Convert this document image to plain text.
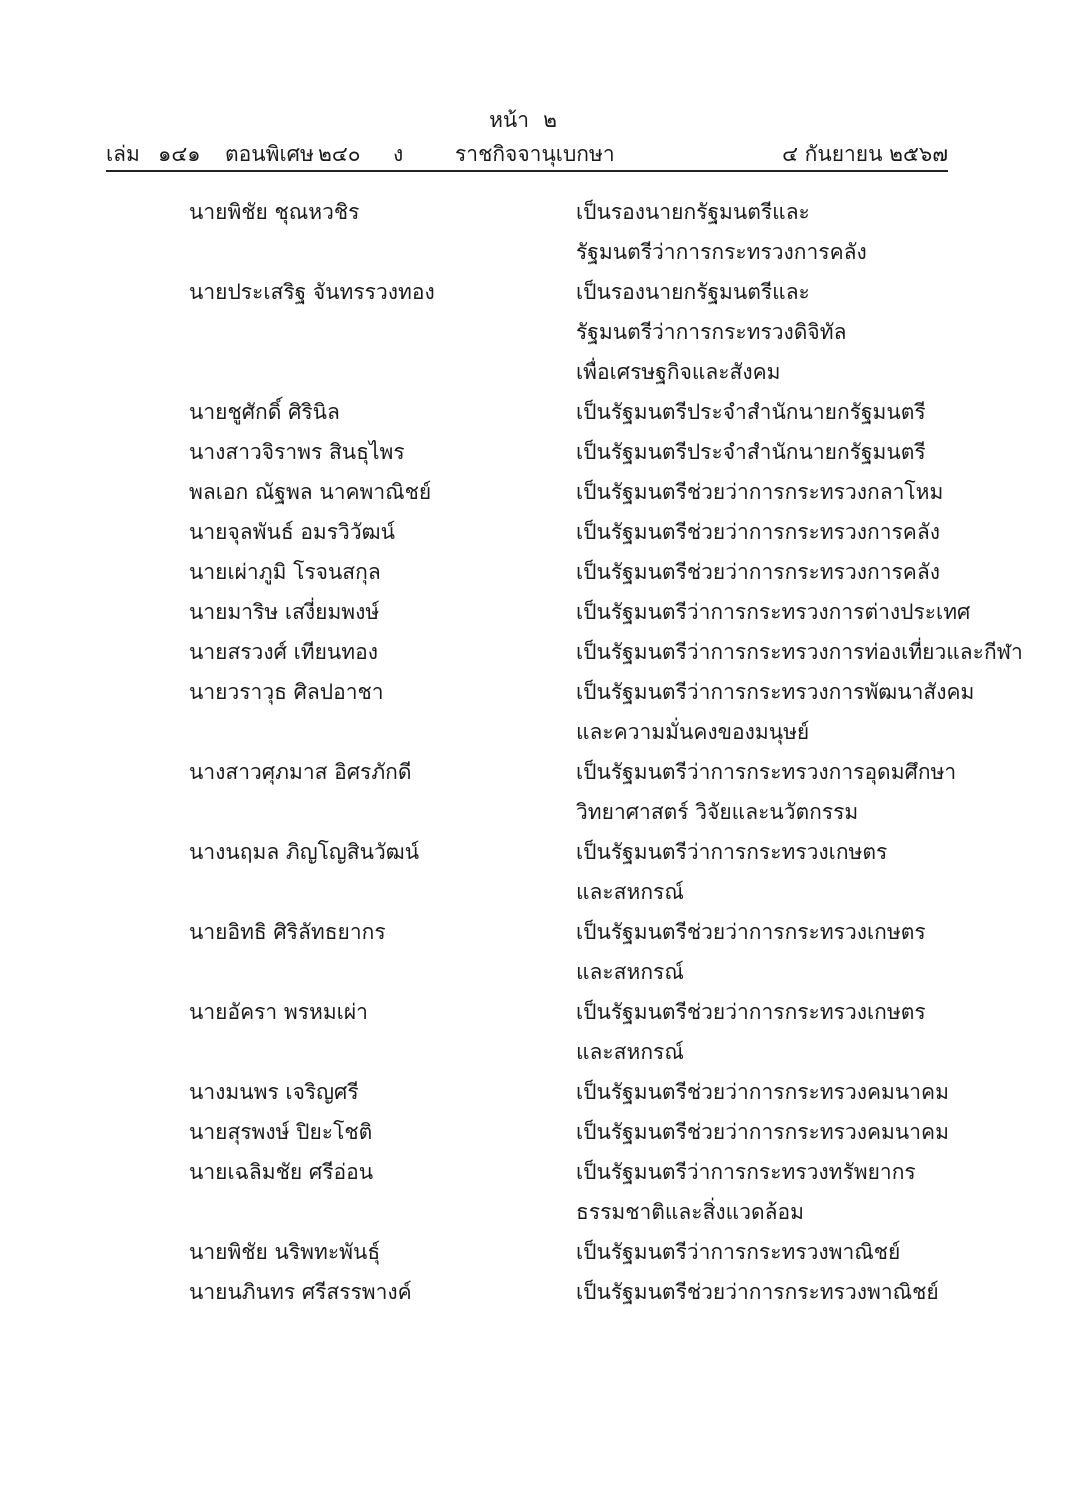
หน้า ๒
เล่ม ๑๔๑ ตอนพิเศษ ๒๔๐ ง ราชกิจจานุเบกษา	๔ กันยายน ๒๕๖๗
นายพิชัย ชุณหวชิร	เป็นรองนายกรัฐมนตรีและ
รัฐมนตรีว่าการกระทรวงการคลัง
นายประเสริฐ จันทรรวงทอง	เป็นรองนายกรัฐมนตรีและ
รัฐมนตรีว่าการกระทรวงดิจิทัล
เพื่อเศรษฐกิจและสังคม
นายชูศักดิ์ ศิรินิล	เป็นรัฐมนตรีประจำสำนักนายกรัฐมนตรี
นางสาวจิราพร สินธุไพร	เป็นรัฐมนตรีประจำสำนักนายกรัฐมนตรี
พลเอก ณัฐพล นาคพาณิชย์	เป็นรัฐมนตรีช่วยว่าการกระทรวงกลาโหม
นายจุลพันธ์ อมรวิวัฒน์	เป็นรัฐมนตรีช่วยว่าการกระทรวงการคลัง
นายเผ่าภูมิ โรจนสกุล	เป็นรัฐมนตรีช่วยว่าการกระทรวงการคลัง
นายมาริษ เสงี่ยมพงษ์	เป็นรัฐมนตรีว่าการกระทรวงการต่างประเทศ
นายสรวงศ์ เทียนทอง	เป็นรัฐมนตรีว่าการกระทรวงการท่องเที่ยวและกีฬา
นายวราวุธ ศิลปอาชา	เป็นรัฐมนตรีว่าการกระทรวงการพัฒนาสังคม
และความมั่นคงของมนุษย์
นางสาวศุภมาส อิศรภักดี	เป็นรัฐมนตรีว่าการกระทรวงการอุดมศึกษา
วิทยาศาสตร์ วิจัยและนวัตกรรม
นางนฤมล ภิญโญสินวัฒน์	เป็นรัฐมนตรีว่าการกระทรวงเกษตร
และสหกรณ์
นายอิทธิ ศิริลัทธยากร	เป็นรัฐมนตรีช่วยว่าการกระทรวงเกษตร
และสหกรณ์
นายอัครา พรหมเผ่า	เป็นรัฐมนตรีช่วยว่าการกระทรวงเกษตร
และสหกรณ์
นางมนพร เจริญศรี	เป็นรัฐมนตรีช่วยว่าการกระทรวงคมนาคม
นายสุรพงษ์ ปิยะโชติ	เป็นรัฐมนตรีช่วยว่าการกระทรวงคมนาคม
นายเฉลิมชัย ศรีอ่อน	เป็นรัฐมนตรีว่าการกระทรวงทรัพยากร
ธรรมชาติและสิ่งแวดล้อม
นายพิชัย นริพทะพันธุ์	เป็นรัฐมนตรีว่าการกระทรวงพาณิชย์
นายนภินทร ศรีสรรพางค์	เป็นรัฐมนตรีช่วยว่าการกระทรวงพาณิชย์
